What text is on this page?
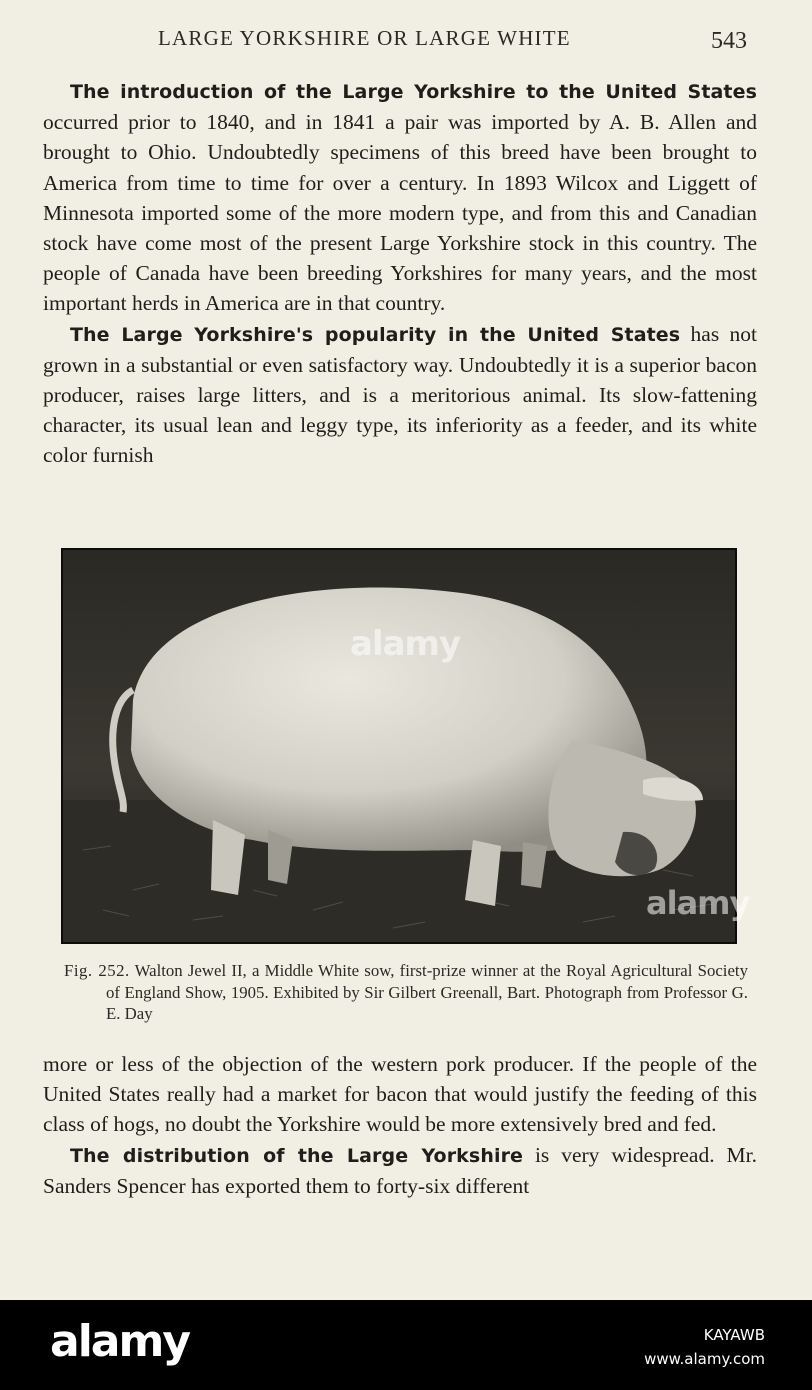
LARGE YORKSHIRE OR LARGE WHITE	543

The introduction of the Large Yorkshire to the United States occurred prior to 1840, and in 1841 a pair was imported by A. B. Allen and brought to Ohio. Undoubtedly specimens of this breed have been brought to America from time to time for over a century. In 1893 Wilcox and Liggett of Minnesota imported some of the more modern type, and from this and Canadian stock have come most of the present Large Yorkshire stock in this country. The people of Canada have been breeding Yorkshires for many years, and the most important herds in America are in that country.

The Large Yorkshire's popularity in the United States has not grown in a substantial or even satisfactory way. Undoubtedly it is a superior bacon producer, raises large litters, and is a meritorious animal. Its slow-fattening character, its usual lean and leggy type, its inferiority as a feeder, and its white color furnish

alamy
alamy

Fig. 252. Walton Jewel II, a Middle White sow, first-prize winner at the Royal Agricultural Society of England Show, 1905. Exhibited by Sir Gilbert Greenall, Bart. Photograph from Professor G. E. Day

more or less of the objection of the western pork producer. If the people of the United States really had a market for bacon that would justify the feeding of this class of hogs, no doubt the Yorkshire would be more extensively bred and fed.

The distribution of the Large Yorkshire is very widespread. Mr. Sanders Spencer has exported them to forty-six different

alamy	KAYAWB
www.alamy.com
